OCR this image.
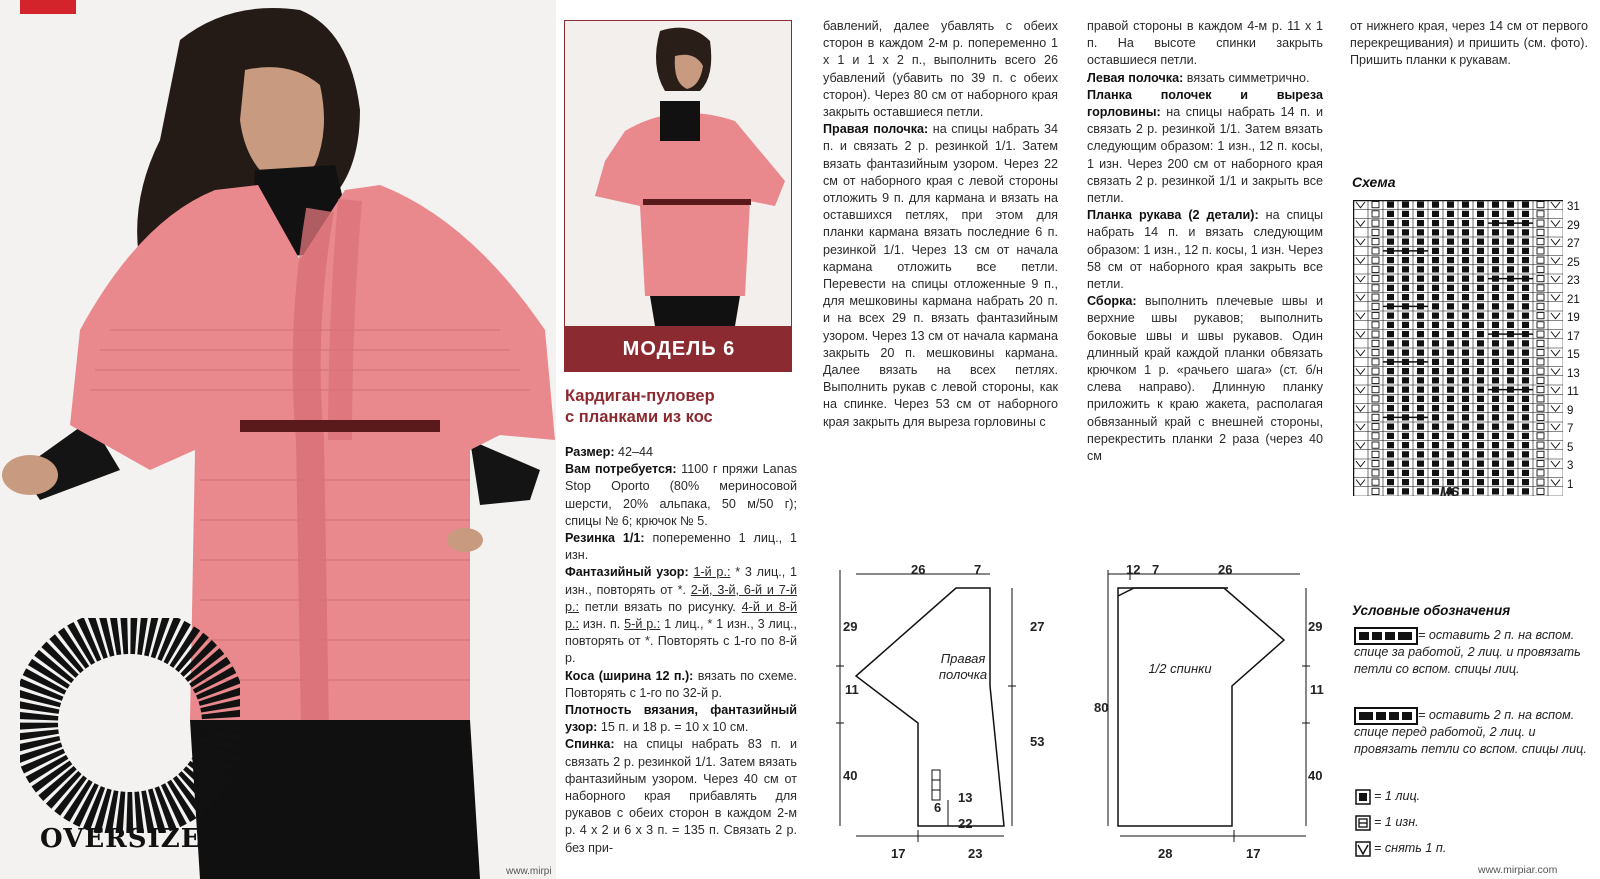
OVERSIZE
www.mirpi
МОДЕЛЬ 6
Кардиган-пуловер
с планками из кос

Размер: 42–44

Вам потребуется: 1100 г пряжи Lanas Stop Oporto (80% мериносовой шерсти, 20% альпака, 50 м/50 г); спицы № 6; крючок № 5.

Резинка 1/1: попеременно 1 лиц., 1 изн.

Фантазийный узор: 1-й р.: * 3 лиц., 1 изн., повторять от *. 2-й, 3-й, 6-й и 7-й р.: петли вязать по рисунку. 4-й и 8-й р.: изн. п. 5-й р.: 1 лиц., * 1 изн., 3 лиц., повторять от *. Повторять с 1-го по 8-й р.

Коса (ширина 12 п.): вязать по схеме. Повторять с 1-го по 32-й р.

Плотность вязания, фантазийный узор: 15 п. и 18 р. = 10 х 10 см.

Спинка: на спицы набрать 83 п. и связать 2 р. резинкой 1/1. Затем вязать фантазийным узором. Через 40 см от наборного края прибавлять для рукавов с обеих сторон в каждом 2-м р. 4 х 2 и 6 х 3 п. = 135 п. Связать 2 р. без при-

бавлений, далее убавлять с обеих сторон в каждом 2-м р. попеременно 1 х 1 и 1 х 2 п., выполнить всего 26 убавлений (убавить по 39 п. с обеих сторон). Через 80 см от наборного края закрыть оставшиеся петли.

Правая полочка: на спицы набрать 34 п. и связать 2 р. резинкой 1/1. Затем вязать фантазийным узором. Через 22 см от наборного края с левой стороны отложить 9 п. для кармана и вязать на оставшихся петлях, при этом для планки кармана вязать последние 6 п. резинкой 1/1. Через 13 см от начала кармана отложить все петли. Перевести на спицы отложенные 9 п., для мешковины кармана набрать 20 п. и на всех 29 п. вязать фантазийным узором. Через 13 см от начала кармана закрыть 20 п. мешковины кармана. Далее вязать на всех петлях. Выполнить рукав с левой стороны, как на спинке. Через 53 см от наборного края закрыть для выреза горловины с

правой стороны в каждом 4-м р. 11 х 1 п. На высоте спинки закрыть оставшиеся петли.

Левая полочка: вязать симметрично.

Планка полочек и выреза горловины: на спицы набрать 14 п. и связать 2 р. резинкой 1/1. Затем вязать следующим образом: 1 изн., 12 п. косы, 1 изн. Через 200 см от наборного края связать 2 р. резинкой 1/1 и закрыть все петли.

Планка рукава (2 детали): на спицы набрать 14 п. и вязать следующим образом: 1 изн., 12 п. косы, 1 изн. Через 58 см от наборного края закрыть все петли.

Сборка: выполнить плечевые швы и верхние швы рукавов; выполнить боковые швы и швы рукавов. Один длинный край каждой планки обвязать крючком 1 р. «рачьего шага» (ст. б/н слева направо). Длинную планку приложить к краю жакета, располагая обвязанный край с внешней стороны, перекрестить планки 2 раза (через 40 см

от нижнего края, через 14 см от первого перекрещивания) и пришить (см. фото). Пришить планки к рукавам.

Схема
31
29
27
25
23
21
19
17
15
13
11
9
7
5
3
1
MS
Условные обозначения
= оставить 2 п. на вспом. спице за работой, 2 лиц. и провязать петли со вспом. спицы лиц.
= оставить 2 п. на вспом. спице перед работой, 2 лиц. и провязать петли со вспом. спицы лиц.
= 1 лиц.
= 1 изн.
= снять 1 п.
www.mirpiar.com
26	7
29
11
40
27
53
6
13
22
17	23
Правая
полочка
12 7	26
80
29
11
40
28	17
1/2 спинки
